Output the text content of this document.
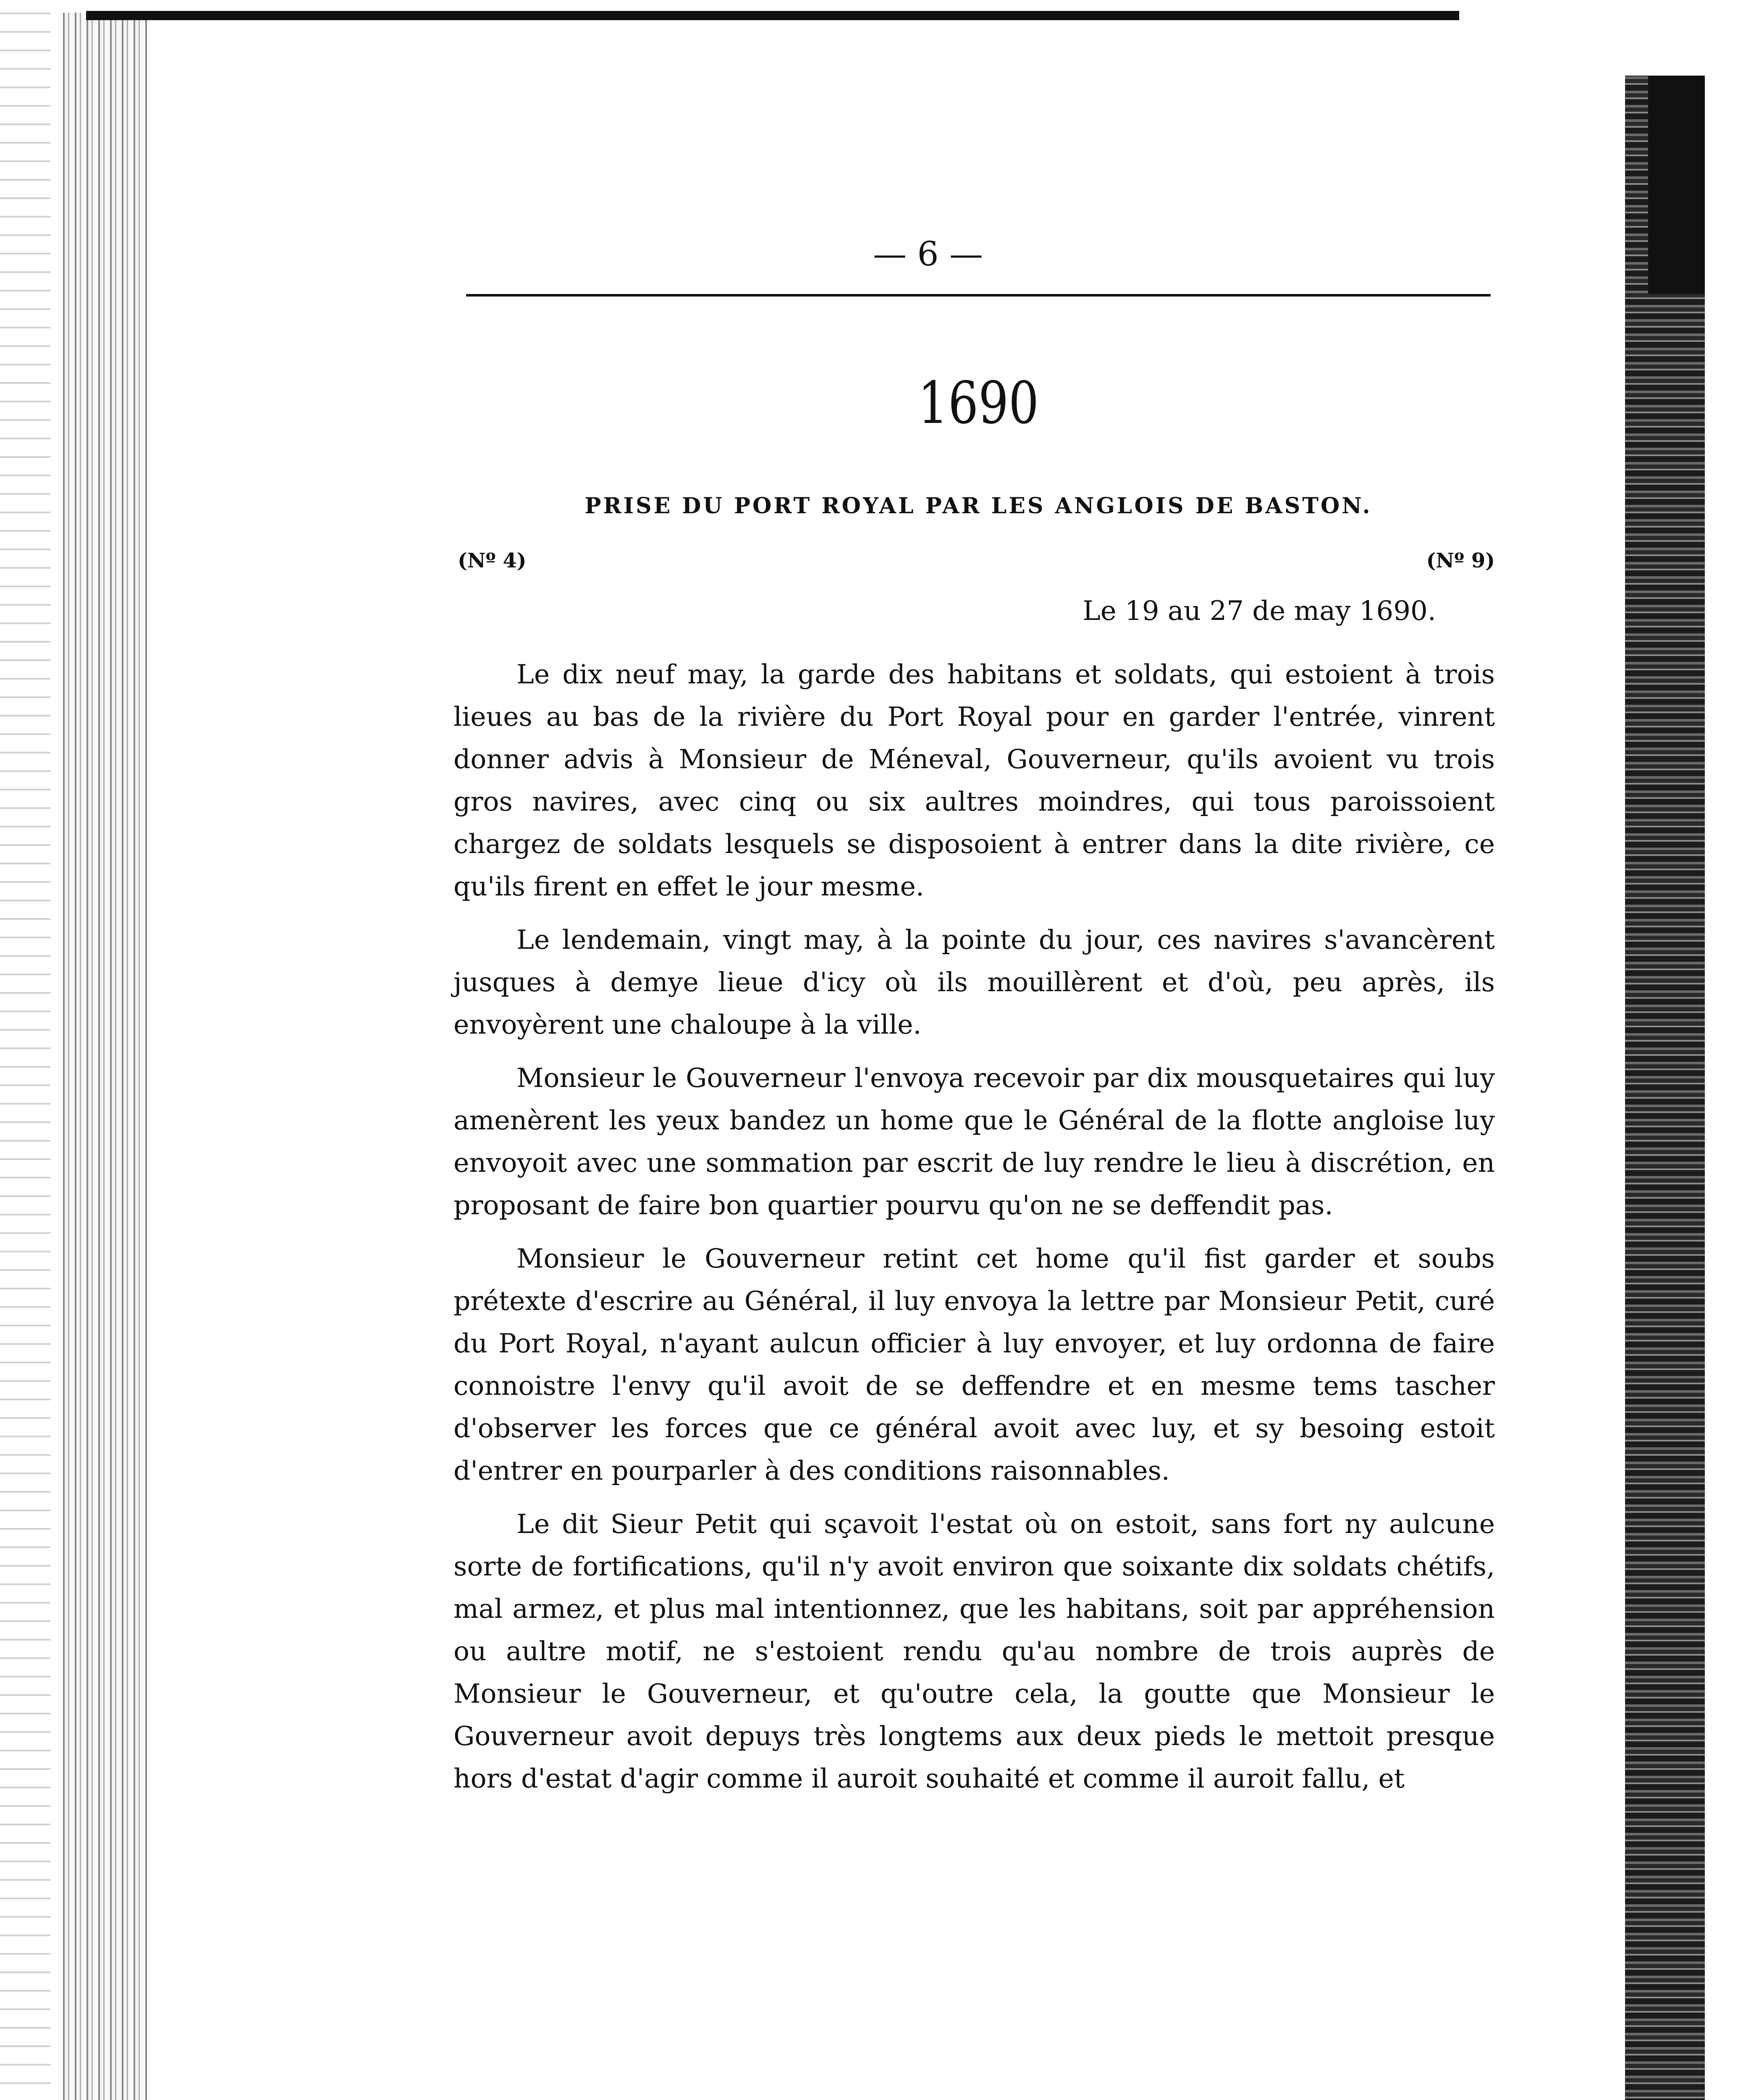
— 6 —
1690
PRISE DU PORT ROYAL PAR LES ANGLOIS DE BASTON.
(Nº 4)	(Nº 9)
Le 19 au 27 de may 1690.

Le dix neuf may, la garde des habitans et soldats, qui estoient à trois lieues au bas de la rivière du Port Royal pour en garder l'entrée, vinrent donner advis à Monsieur de Méneval, Gouverneur, qu'ils avoient vu trois gros navires, avec cinq ou six aultres moindres, qui tous paroissoient chargez de soldats lesquels se disposoient à entrer dans la dite rivière, ce qu'ils firent en effet le jour mesme.

Le lendemain, vingt may, à la pointe du jour, ces navires s'avancèrent jusques à demye lieue d'icy où ils mouillèrent et d'où, peu après, ils envoyèrent une chaloupe à la ville.

Monsieur le Gouverneur l'envoya recevoir par dix mousquetaires qui luy amenèrent les yeux bandez un home que le Général de la flotte angloise luy envoyoit avec une sommation par escrit de luy rendre le lieu à discrétion, en proposant de faire bon quartier pourvu qu'on ne se deffendit pas.

Monsieur le Gouverneur retint cet home qu'il fist garder et soubs prétexte d'escrire au Général, il luy envoya la lettre par Monsieur Petit, curé du Port Royal, n'ayant aulcun officier à luy envoyer, et luy ordonna de faire connoistre l'envy qu'il avoit de se deffendre et en mesme tems tascher d'observer les forces que ce général avoit avec luy, et sy besoing estoit d'entrer en pourparler à des conditions raisonnables.

Le dit Sieur Petit qui sçavoit l'estat où on estoit, sans fort ny aulcune sorte de fortifications, qu'il n'y avoit environ que soixante dix soldats chétifs, mal armez, et plus mal intentionnez, que les habitans, soit par appréhension ou aultre motif, ne s'estoient rendu qu'au nombre de trois auprès de Monsieur le Gouverneur, et qu'outre cela, la goutte que Monsieur le Gouverneur avoit depuys très longtems aux deux pieds le mettoit presque hors d'estat d'agir comme il auroit souhaité et comme il auroit fallu, et
